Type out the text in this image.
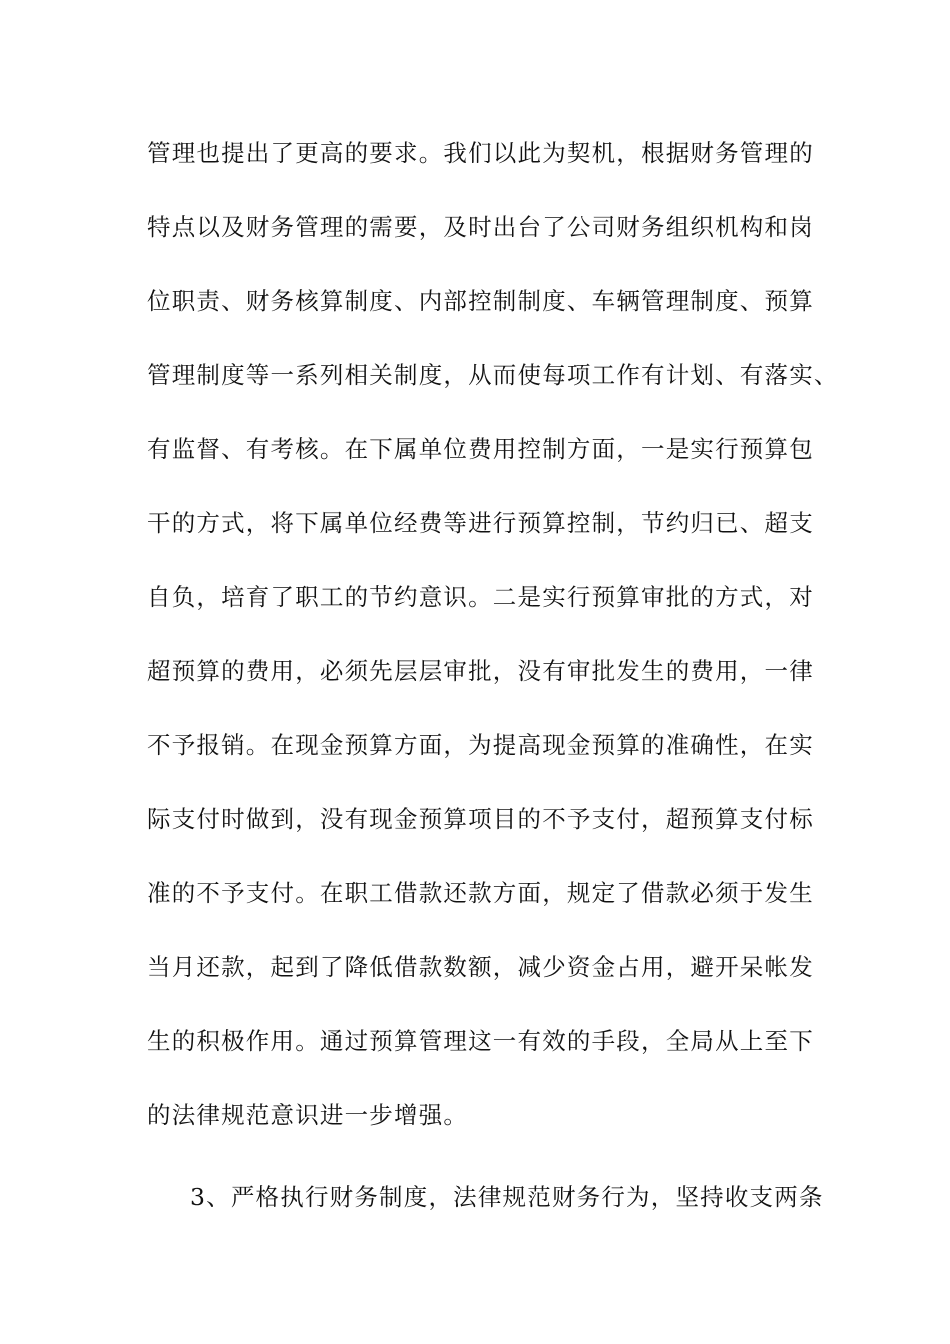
管理也提出了更高的要求。我们以此为契机，根据财务管理的
特点以及财务管理的需要，及时出台了公司财务组织机构和岗
位职责、财务核算制度、内部控制制度、车辆管理制度、预算
管理制度等一系列相关制度，从而使每项工作有计划、有落实、
有监督、有考核。在下属单位费用控制方面，一是实行预算包
干的方式，将下属单位经费等进行预算控制，节约归已、超支
自负，培育了职工的节约意识。二是实行预算审批的方式，对
超预算的费用，必须先层层审批，没有审批发生的费用，一律
不予报销。在现金预算方面，为提高现金预算的准确性，在实
际支付时做到，没有现金预算项目的不予支付，超预算支付标
准的不予支付。在职工借款还款方面，规定了借款必须于发生
当月还款，起到了降低借款数额，减少资金占用，避开呆帐发
生的积极作用。通过预算管理这一有效的手段，全局从上至下
的法律规范意识进一步增强。
3、严格执行财务制度，法律规范财务行为，坚持收支两条
